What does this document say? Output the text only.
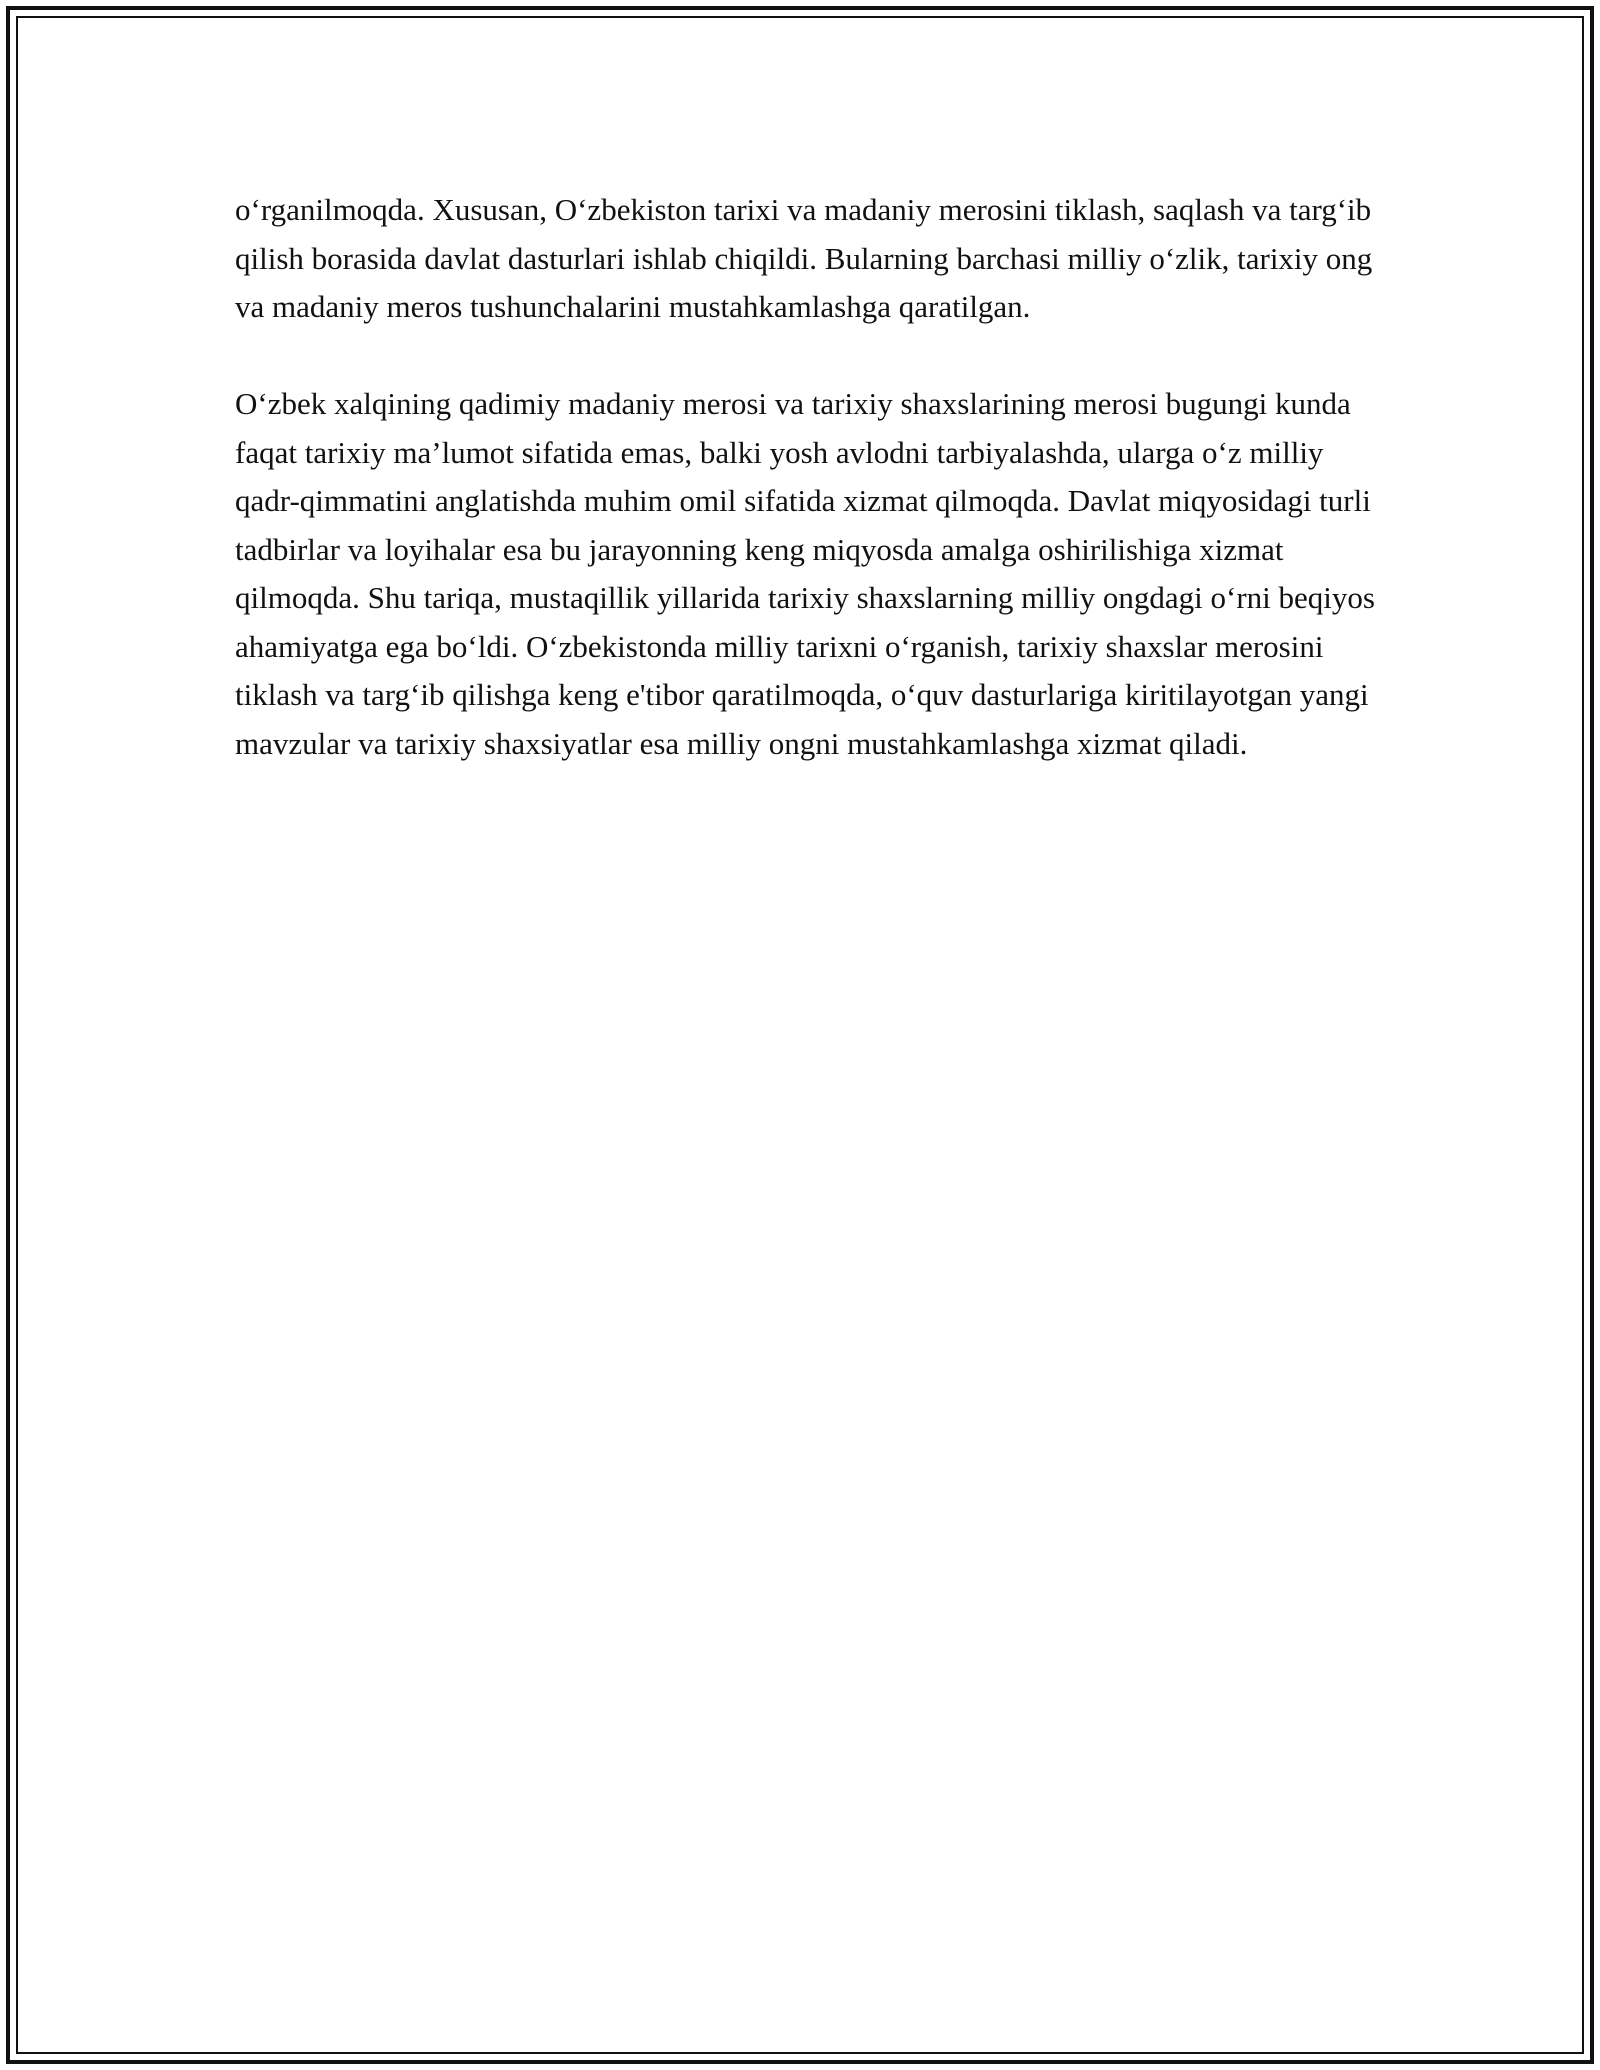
o‘rganilmoqda. Xususan, O‘zbekiston tarixi va madaniy merosini tiklash, saqlash va targ‘ib qilish borasida davlat dasturlari ishlab chiqildi. Bularning barchasi milliy o‘zlik, tarixiy ong va madaniy meros tushunchalarini mustahkamlashga qaratilgan.

O‘zbek xalqining qadimiy madaniy merosi va tarixiy shaxslarining merosi bugungi kunda faqat tarixiy ma’lumot sifatida emas, balki yosh avlodni tarbiyalashda, ularga o‘z milliy qadr-qimmatini anglatishda muhim omil sifatida xizmat qilmoqda. Davlat miqyosidagi turli tadbirlar va loyihalar esa bu jarayonning keng miqyosda amalga oshirilishiga xizmat qilmoqda. Shu tariqa, mustaqillik yillarida tarixiy shaxslarning milliy ongdagi o‘rni beqiyos ahamiyatga ega bo‘ldi. O‘zbekistonda milliy tarixni o‘rganish, tarixiy shaxslar merosini tiklash va targ‘ib qilishga keng e'tibor qaratilmoqda, o‘quv dasturlariga kiritilayotgan yangi mavzular va tarixiy shaxsiyatlar esa milliy ongni mustahkamlashga xizmat qiladi.
